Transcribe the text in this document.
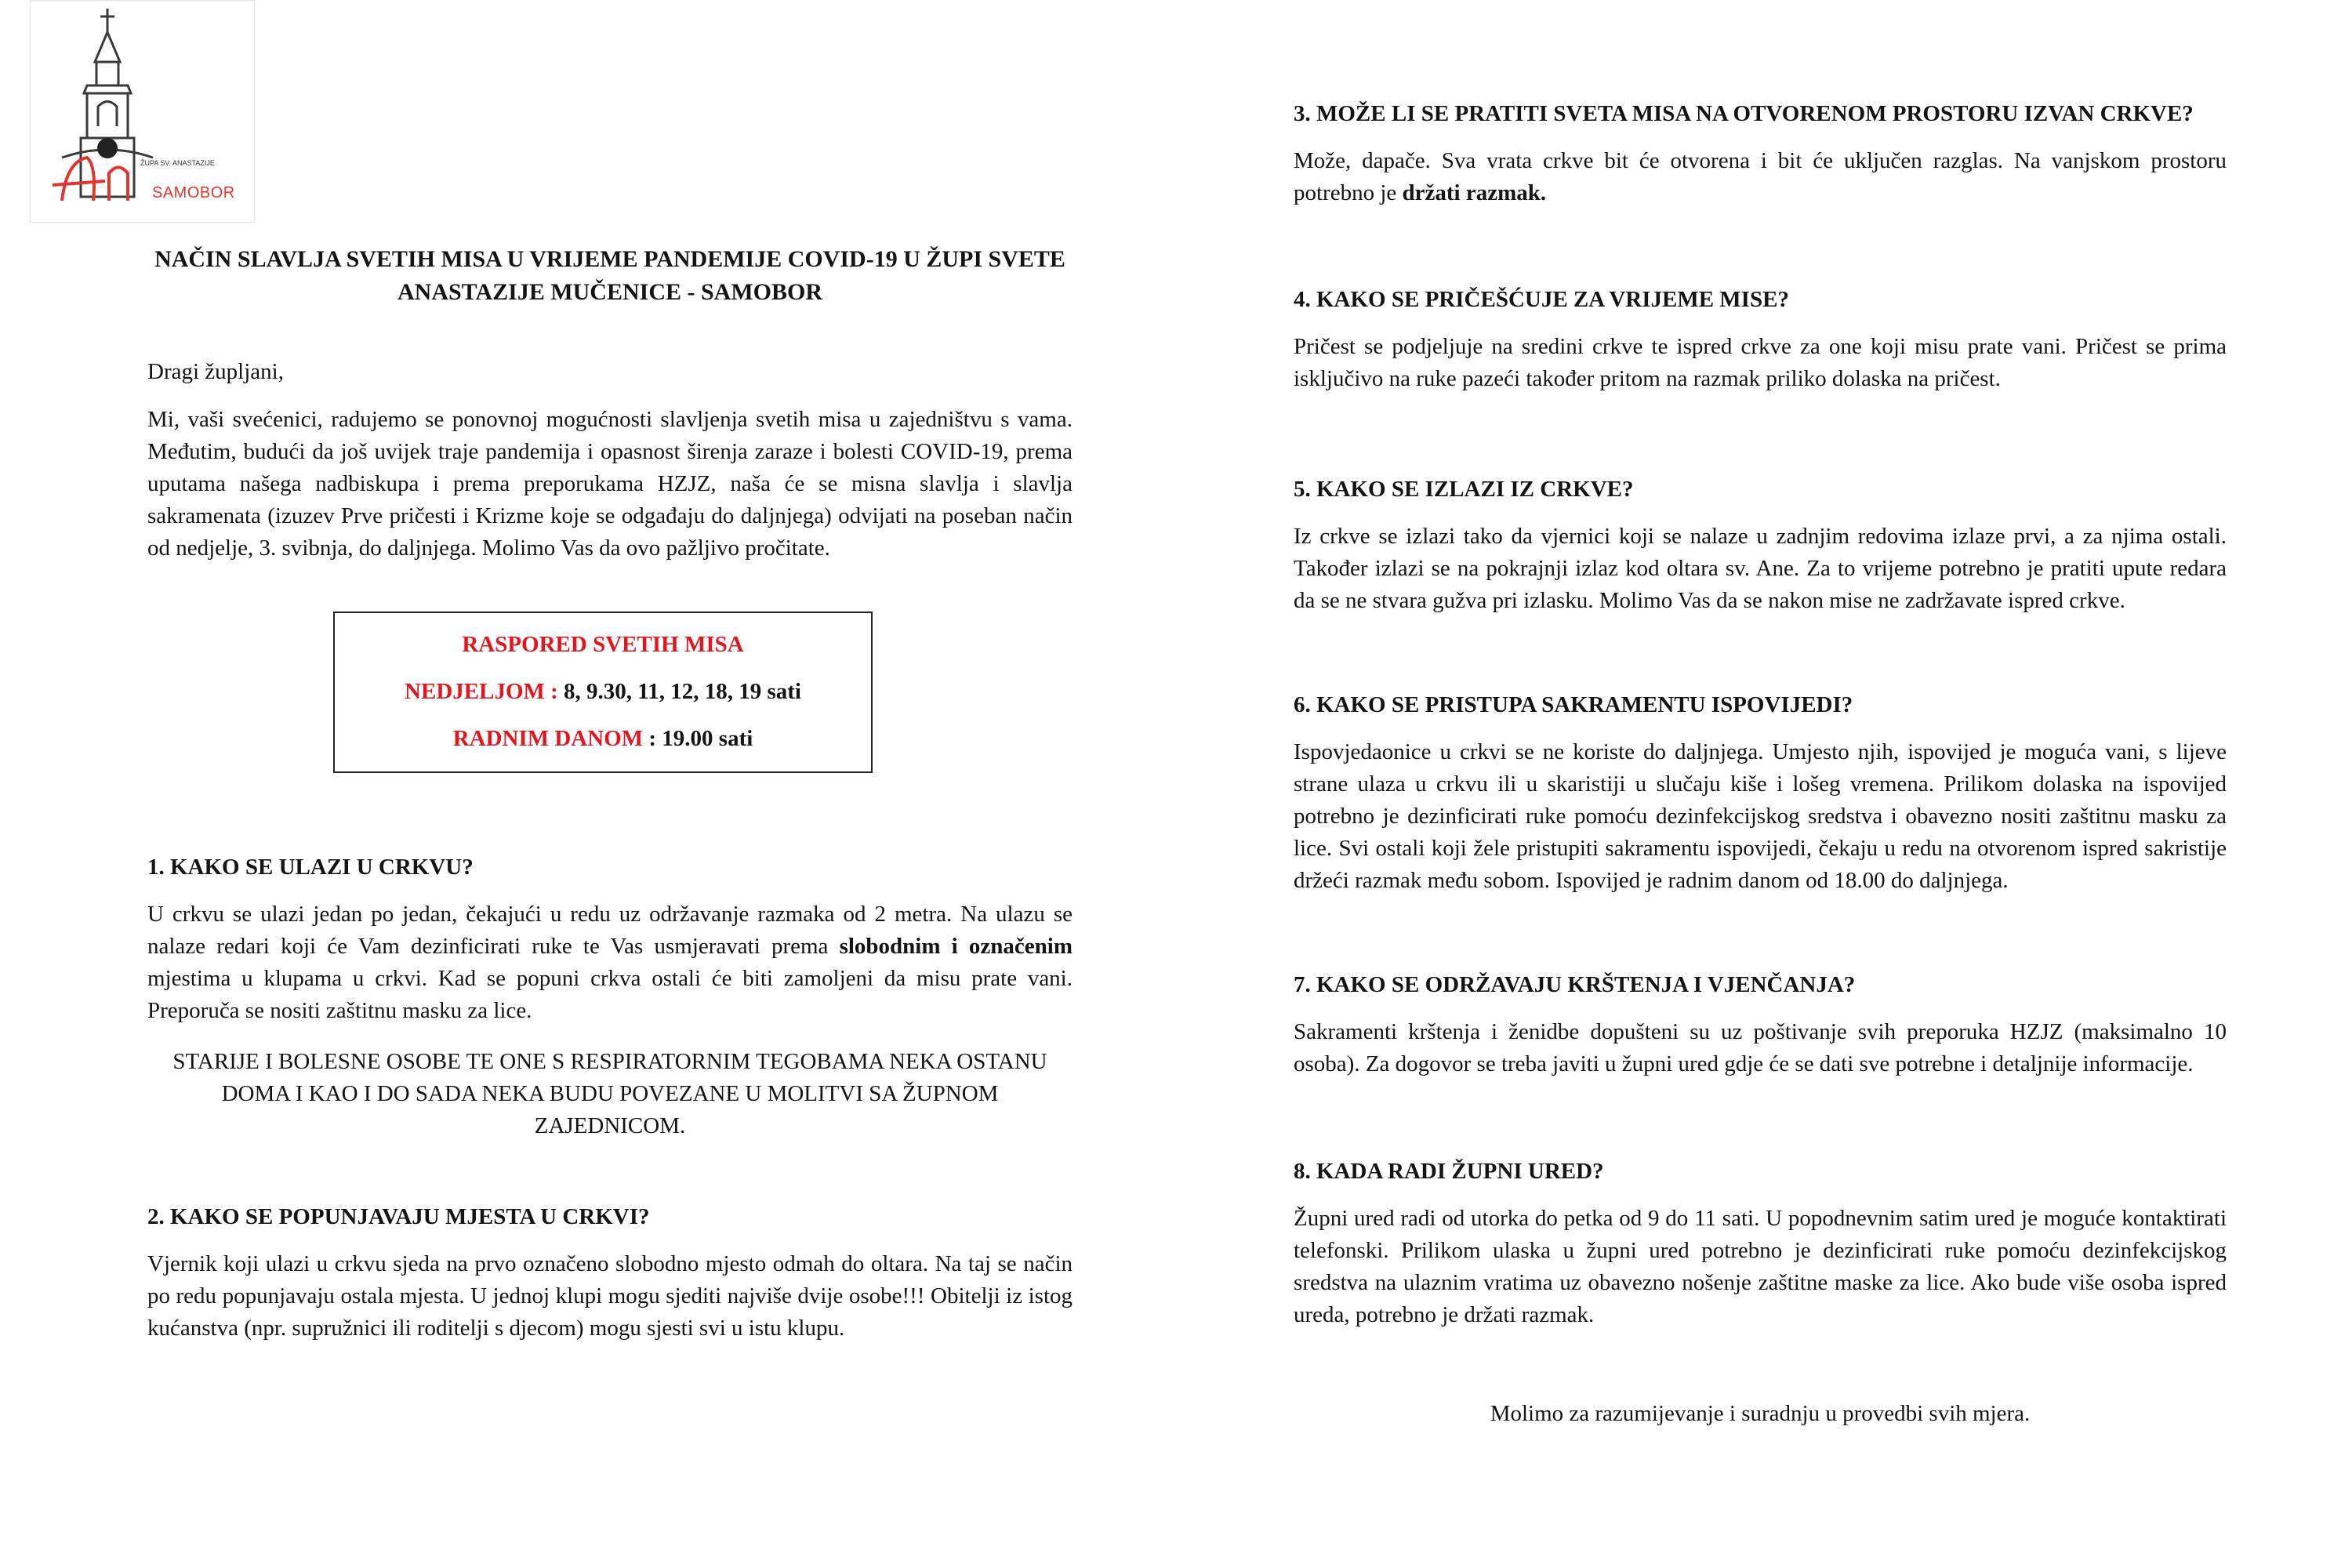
ŽUPA SV. ANASTAZIJE
SAMOBOR
NAČIN SLAVLJA SVETIH MISA U VRIJEME PANDEMIJE COVID-19 U ŽUPI SVETE ANASTAZIJE MUČENICE - SAMOBOR

Dragi župljani,

Mi, vaši svećenici, radujemo se ponovnoj mogućnosti slavljenja svetih misa u zajedništvu s vama. Međutim, budući da još uvijek traje pandemija i opasnost širenja zaraze i bolesti COVID-19, prema uputama našega nadbiskupa i prema preporukama HZJZ, naša će se misna slavlja i slavlja sakramenata (izuzev Prve pričesti i Krizme koje se odgađaju do daljnjega) odvijati na poseban način od nedjelje, 3. svibnja, do daljnjega. Molimo Vas da ovo pažljivo pročitate.

RASPORED SVETIH MISA
NEDJELJOM : 8, 9.30, 11, 12, 18, 19 sati
RADNIM DANOM : 19.00 sati
1. KAKO SE ULAZI U CRKVU?

U crkvu se ulazi jedan po jedan, čekajući u redu uz održavanje razmaka od 2 metra. Na ulazu se nalaze redari koji će Vam dezinficirati ruke te Vas usmjeravati prema slobodnim i označenim mjestima u klupama u crkvi. Kad se popuni crkva ostali će biti zamoljeni da misu prate vani. Preporuča se nositi zaštitnu masku za lice.

STARIJE I BOLESNE OSOBE TE ONE S RESPIRATORNIM TEGOBAMA NEKA OSTANU DOMA I KAO I DO SADA NEKA BUDU POVEZANE U MOLITVI SA ŽUPNOM ZAJEDNICOM.
2. KAKO SE POPUNJAVAJU MJESTA U CRKVI?

Vjernik koji ulazi u crkvu sjeda na prvo označeno slobodno mjesto odmah do oltara. Na taj se način po redu popunjavaju ostala mjesta. U jednoj klupi mogu sjediti najviše dvije osobe!!! Obitelji iz istog kućanstva (npr. supružnici ili roditelji s djecom) mogu sjesti svi u istu klupu.

3. MOŽE LI SE PRATITI SVETA MISA NA OTVORENOM PROSTORU IZVAN CRKVE?

Može, dapače. Sva vrata crkve bit će otvorena i bit će uključen razglas. Na vanjskom prostoru potrebno je držati razmak.

4. KAKO SE PRIČEŠĆUJE ZA VRIJEME MISE?

Pričest se podjeljuje na sredini crkve te ispred crkve za one koji misu prate vani. Pričest se prima isključivo na ruke pazeći također pritom na razmak priliko dolaska na pričest.

5. KAKO SE IZLAZI IZ CRKVE?

Iz crkve se izlazi tako da vjernici koji se nalaze u zadnjim redovima izlaze prvi, a za njima ostali. Također izlazi se na pokrajnji izlaz kod oltara sv. Ane. Za to vrijeme potrebno je pratiti upute redara da se ne stvara gužva pri izlasku. Molimo Vas da se nakon mise ne zadržavate ispred crkve.

6. KAKO SE PRISTUPA SAKRAMENTU ISPOVIJEDI?

Ispovjedaonice u crkvi se ne koriste do daljnjega. Umjesto njih, ispovijed je moguća vani, s lijeve strane ulaza u crkvu ili u skaristiji u slučaju kiše i lošeg vremena. Prilikom dolaska na ispovijed potrebno je dezinficirati ruke pomoću dezinfekcijskog sredstva i obavezno nositi zaštitnu masku za lice. Svi ostali koji žele pristupiti sakramentu ispovijedi, čekaju u redu na otvorenom ispred sakristije držeći razmak među sobom. Ispovijed je radnim danom od 18.00 do daljnjega.

7. KAKO SE ODRŽAVAJU KRŠTENJA I VJENČANJA?

Sakramenti krštenja i ženidbe dopušteni su uz poštivanje svih preporuka HZJZ (maksimalno 10 osoba). Za dogovor se treba javiti u župni ured gdje će se dati sve potrebne i detaljnije informacije.

8. KADA RADI ŽUPNI URED?

Župni ured radi od utorka do petka od 9 do 11 sati. U popodnevnim satim ured je moguće kontaktirati telefonski. Prilikom ulaska u župni ured potrebno je dezinficirati ruke pomoću dezinfekcijskog sredstva na ulaznim vratima uz obavezno nošenje zaštitne maske za lice. Ako bude više osoba ispred ureda, potrebno je držati razmak.

Molimo za razumijevanje i suradnju u provedbi svih mjera.
